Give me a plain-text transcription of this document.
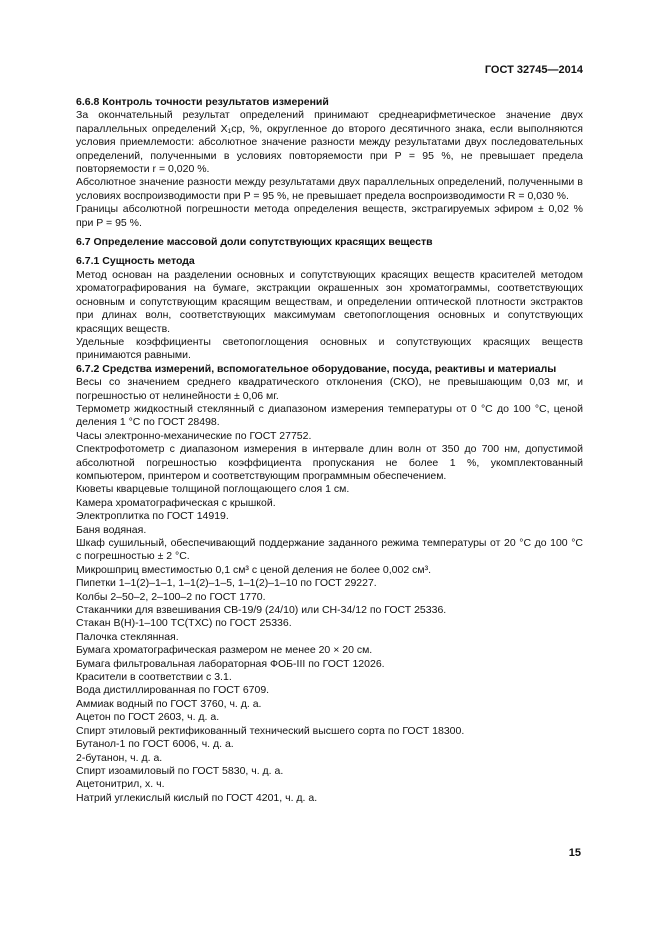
ГОСТ 32745—2014

6.6.8 Контроль точности результатов измерений

За окончательный результат определений принимают среднеарифметическое значение двух параллельных определений X₁ср, %, округленное до второго десятичного знака, если выполняются условия приемлемости: абсолютное значение разности между результатами двух последовательных определений, полученными в условиях повторяемости при P = 95 %, не превышает предела повторяемости r = 0,020 %.

Абсолютное значение разности между результатами двух параллельных определений, полученными в условиях воспроизводимости при P = 95 %, не превышает предела воспроизводимости R = 0,030 %.

Границы абсолютной погрешности метода определения веществ, экстрагируемых эфиром ± 0,02 % при P = 95 %.

6.7 Определение массовой доли сопутствующих красящих веществ

6.7.1 Сущность метода

Метод основан на разделении основных и сопутствующих красящих веществ красителей методом хроматографирования на бумаге, экстракции окрашенных зон хроматограммы, соответствующих основным и сопутствующим красящим веществам, и определении оптической плотности экстрактов при длинах волн, соответствующих максимумам светопоглощения основных и сопутствующих красящих веществ.

Удельные коэффициенты светопоглощения основных и сопутствующих красящих веществ принимаются равными.

6.7.2 Средства измерений, вспомогательное оборудование, посуда, реактивы и материалы

Весы со значением среднего квадратического отклонения (СКО), не превышающим 0,03 мг, и погрешностью от нелинейности ± 0,06 мг.

Термометр жидкостный стеклянный с диапазоном измерения температуры от 0 °С до 100 °С, ценой деления 1 °С по ГОСТ 28498.

Часы электронно-механические по ГОСТ 27752.

Спектрофотометр с диапазоном измерения в интервале длин волн от 350 до 700 нм, допустимой абсолютной погрешностью коэффициента пропускания не более 1 %, укомплектованный компьютером, принтером и соответствующим программным обеспечением.

Кюветы кварцевые толщиной поглощающего слоя 1 см.

Камера хроматографическая с крышкой.

Электроплитка по ГОСТ 14919.

Баня водяная.

Шкаф сушильный, обеспечивающий поддержание заданного режима температуры от 20 °С до 100 °С с погрешностью ± 2 °С.

Микрошприц вместимостью 0,1 см³ с ценой деления не более 0,002 см³.

Пипетки 1–1(2)–1–1, 1–1(2)–1–5, 1–1(2)–1–10 по ГОСТ 29227.

Колбы 2–50–2, 2–100–2 по ГОСТ 1770.

Стаканчики для взвешивания СВ-19/9 (24/10) или СН-34/12 по ГОСТ 25336.

Стакан В(Н)-1–100 ТС(ТХС) по ГОСТ 25336.

Палочка стеклянная.

Бумага хроматографическая размером не менее 20 × 20 см.

Бумага фильтровальная лабораторная ФОБ-III по ГОСТ 12026.

Красители в соответствии с 3.1.

Вода дистиллированная по ГОСТ 6709.

Аммиак водный по ГОСТ 3760, ч. д. а.

Ацетон по ГОСТ 2603, ч. д. а.

Спирт этиловый ректификованный технический высшего сорта по ГОСТ 18300.

Бутанол-1 по ГОСТ 6006, ч. д. а.

2-бутанон, ч. д. а.

Спирт изоамиловый по ГОСТ 5830, ч. д. а.

Ацетонитрил, х. ч.

Натрий углекислый кислый по ГОСТ 4201, ч. д. а.

15
